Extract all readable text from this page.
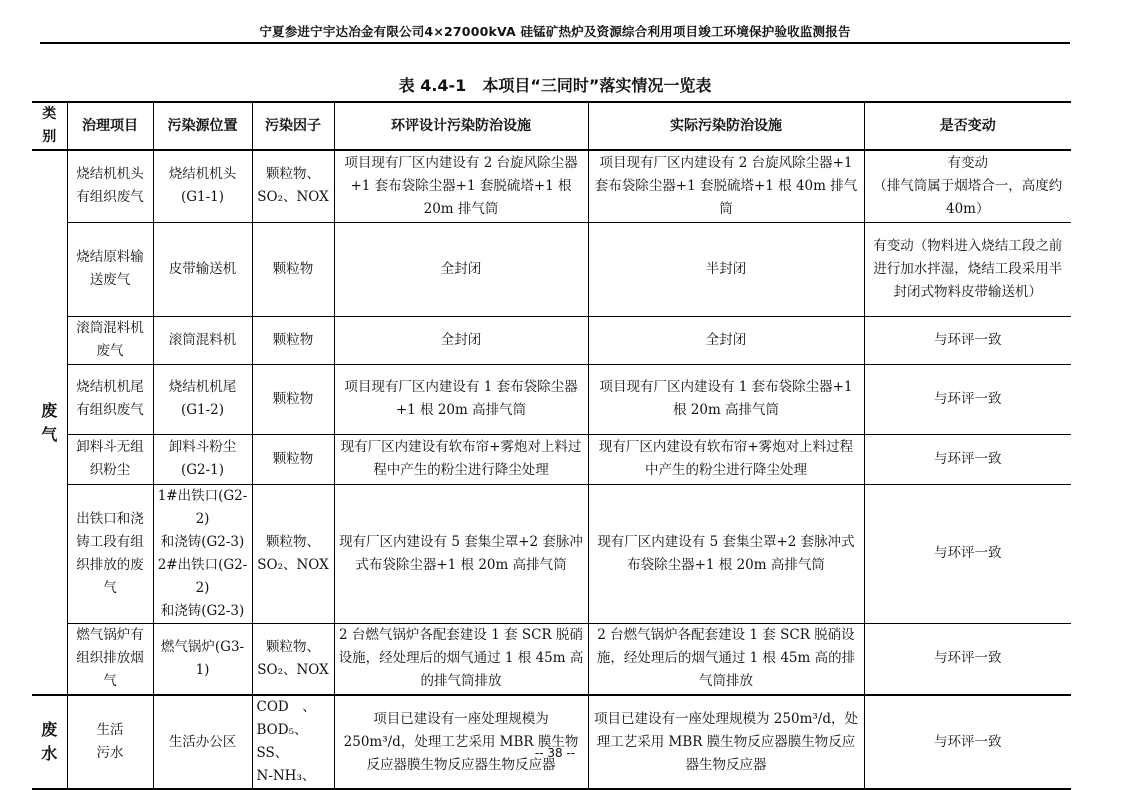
宁夏参进宁宇达冶金有限公司4×27000kVA 硅锰矿热炉及资源综合利用项目竣工环境保护验收监测报告
表 4.4-1　本项目“三同时”落实情况一览表
类别	治理项目	污染源位置	污染因子	环评设计污染防治设施	实际污染防治设施	是否变动
废气	烧结机机头有组织废气	烧结机机头
(G1-1)	颗粒物、
SO₂、NOX	项目现有厂区内建设有 2 台旋风除尘器+1 套布袋除尘器+1 套脱硫塔+1 根 20m 排气筒	项目现有厂区内建设有 2 台旋风除尘器+1 套布袋除尘器+1 套脱硫塔+1 根 40m 排气筒	有变动
（排气筒属于烟塔合一，高度约 40m）
	烧结原料输送废气	皮带输送机	颗粒物	全封闭	半封闭	有变动（物料进入烧结工段之前进行加水拌湿，烧结工段采用半封闭式物料皮带输送机）
	滚筒混料机废气	滚筒混料机	颗粒物	全封闭	全封闭	与环评一致
	烧结机机尾有组织废气	烧结机机尾
(G1-2)	颗粒物	项目现有厂区内建设有 1 套布袋除尘器+1 根 20m 高排气筒	项目现有厂区内建设有 1 套布袋除尘器+1 根 20m 高排气筒	与环评一致
	卸料斗无组织粉尘	卸料斗粉尘
(G2-1)	颗粒物	现有厂区内建设有软布帘+雾炮对上料过程中产生的粉尘进行降尘处理	现有厂区内建设有软布帘+雾炮对上料过程中产生的粉尘进行降尘处理	与环评一致
	出铁口和浇铸工段有组织排放的废气	1#出铁口(G2-2)
和浇铸(G2-3)
2#出铁口(G2-2)
和浇铸(G2-3)	颗粒物、
SO₂、NOX	现有厂区内建设有 5 套集尘罩+2 套脉冲式布袋除尘器+1 根 20m 高排气筒	现有厂区内建设有 5 套集尘罩+2 套脉冲式布袋除尘器+1 根 20m 高排气筒	与环评一致
	燃气锅炉有组织排放烟气	燃气锅炉(G3-1)	颗粒物、
SO₂、NOX	2 台燃气锅炉各配套建设 1 套 SCR 脱硝设施，经处理后的烟气通过 1 根 45m 高的排气筒排放	2 台燃气锅炉各配套建设 1 套 SCR 脱硝设施，经处理后的烟气通过 1 根 45m 高的排气筒排放	与环评一致
废水	生活
污水	生活办公区	COD　、
BOD₅、SS、
N-NH₃、	项目已建设有一座处理规模为 250m³/d，处理工艺采用 MBR 膜生物反应器膜生物反应器生物反应器	项目已建设有一座处理规模为 250m³/d，处理工艺采用 MBR 膜生物反应器膜生物反应器生物反应器	与环评一致
-- 38 --
